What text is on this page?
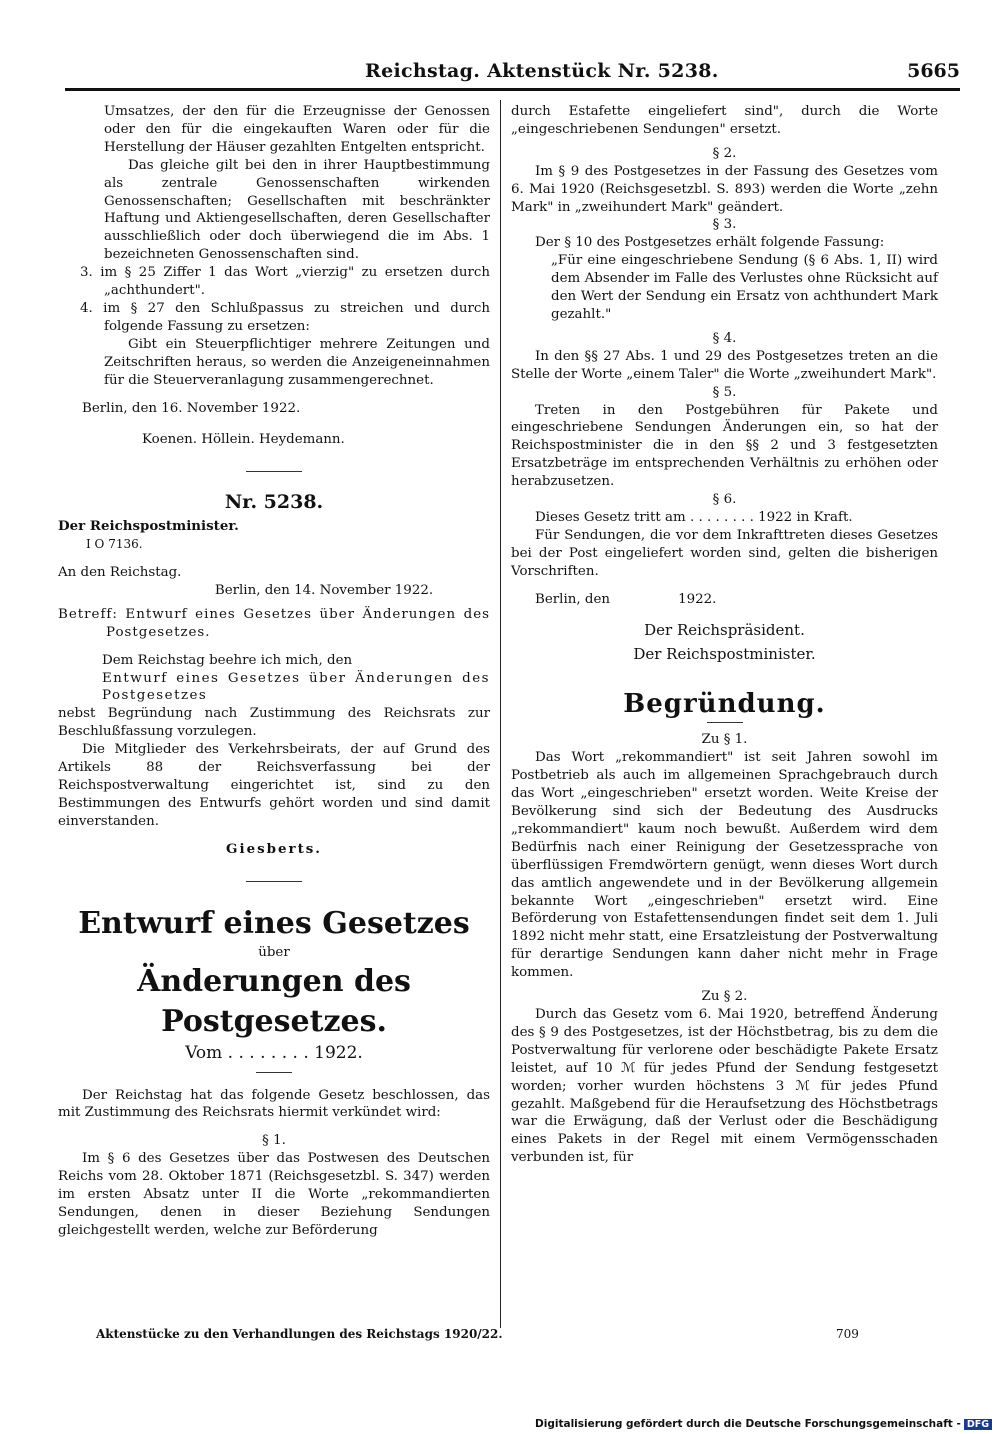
Reichstag. Aktenstück Nr. 5238.	5665

Umsatzes, der den für die Erzeugnisse der Genossen oder den für die eingekauften Waren oder für die Herstellung der Häuser gezahlten Entgelten entspricht.

Das gleiche gilt bei den in ihrer Hauptbestimmung als zentrale Genossenschaften wirkenden Genossenschaften; Gesellschaften mit beschränkter Haftung und Aktiengesellschaften, deren Gesellschafter ausschließlich oder doch überwiegend die im Abs. 1 bezeichneten Genossenschaften sind.

3. im § 25 Ziffer 1 das Wort „vierzig" zu ersetzen durch „achthundert".

4. im § 27 den Schlußpassus zu streichen und durch folgende Fassung zu ersetzen:

Gibt ein Steuerpflichtiger mehrere Zeitungen und Zeitschriften heraus, so werden die Anzeigeneinnahmen für die Steuerveranlagung zusammengerechnet.

Berlin, den 16. November 1922.

Koenen. Höllein. Heydemann.

Nr. 5238.

Der Reichspostminister.

I O 7136.

An den Reichstag.

Berlin, den 14. November 1922.

Betreff: Entwurf eines Gesetzes über Änderungen des Postgesetzes.

Dem Reichstag beehre ich mich, den

Entwurf eines Gesetzes über Änderungen des Postgesetzes

nebst Begründung nach Zustimmung des Reichsrats zur Beschlußfassung vorzulegen.

Die Mitglieder des Verkehrsbeirats, der auf Grund des Artikels 88 der Reichsverfassung bei der Reichspostverwaltung eingerichtet ist, sind zu den Bestimmungen des Entwurfs gehört worden und sind damit einverstanden.

Giesberts.

Entwurf eines Gesetzes

über

Änderungen des Postgesetzes.

Vom . . . . . . . . 1922.

Der Reichstag hat das folgende Gesetz beschlossen, das mit Zustimmung des Reichsrats hiermit verkündet wird:

§ 1.

Im § 6 des Gesetzes über das Postwesen des Deutschen Reichs vom 28. Oktober 1871 (Reichsgesetzbl. S. 347) werden im ersten Absatz unter II die Worte „rekommandierten Sendungen, denen in dieser Beziehung Sendungen gleichgestellt werden, welche zur Beförderung

durch Estafette eingeliefert sind", durch die Worte „eingeschriebenen Sendungen" ersetzt.

§ 2.

Im § 9 des Postgesetzes in der Fassung des Gesetzes vom 6. Mai 1920 (Reichsgesetzbl. S. 893) werden die Worte „zehn Mark" in „zweihundert Mark" geändert.

§ 3.

Der § 10 des Postgesetzes erhält folgende Fassung:

„Für eine eingeschriebene Sendung (§ 6 Abs. 1, II) wird dem Absender im Falle des Verlustes ohne Rücksicht auf den Wert der Sendung ein Ersatz von achthundert Mark gezahlt."

§ 4.

In den §§ 27 Abs. 1 und 29 des Postgesetzes treten an die Stelle der Worte „einem Taler" die Worte „zweihundert Mark".

§ 5.

Treten in den Postgebühren für Pakete und eingeschriebene Sendungen Änderungen ein, so hat der Reichspostminister die in den §§ 2 und 3 festgesetzten Ersatzbeträge im entsprechenden Verhältnis zu erhöhen oder herabzusetzen.

§ 6.

Dieses Gesetz tritt am . . . . . . . . 1922 in Kraft.

Für Sendungen, die vor dem Inkrafttreten dieses Gesetzes bei der Post eingeliefert worden sind, gelten die bisherigen Vorschriften.

Berlin, den                1922.

Der Reichspräsident.

Der Reichspostminister.

Begründung.

Zu § 1.

Das Wort „rekommandiert" ist seit Jahren sowohl im Postbetrieb als auch im allgemeinen Sprachgebrauch durch das Wort „eingeschrieben" ersetzt worden. Weite Kreise der Bevölkerung sind sich der Bedeutung des Ausdrucks „rekommandiert" kaum noch bewußt. Außerdem wird dem Bedürfnis nach einer Reinigung der Gesetzessprache von überflüssigen Fremdwörtern genügt, wenn dieses Wort durch das amtlich angewendete und in der Bevölkerung allgemein bekannte Wort „eingeschrieben" ersetzt wird. Eine Beförderung von Estafettensendungen findet seit dem 1. Juli 1892 nicht mehr statt, eine Ersatzleistung der Postverwaltung für derartige Sendungen kann daher nicht mehr in Frage kommen.

Zu § 2.

Durch das Gesetz vom 6. Mai 1920, betreffend Änderung des § 9 des Postgesetzes, ist der Höchstbetrag, bis zu dem die Postverwaltung für verlorene oder beschädigte Pakete Ersatz leistet, auf 10 ℳ für jedes Pfund der Sendung festgesetzt worden; vorher wurden höchstens 3 ℳ für jedes Pfund gezahlt. Maßgebend für die Heraufsetzung des Höchstbetrags war die Erwägung, daß der Verlust oder die Beschädigung eines Pakets in der Regel mit einem Vermögensschaden verbunden ist, für

Aktenstücke zu den Verhandlungen des Reichstags 1920/22.	709
Digitalisierung gefördert durch die Deutsche Forschungsgemeinschaft - DFG
